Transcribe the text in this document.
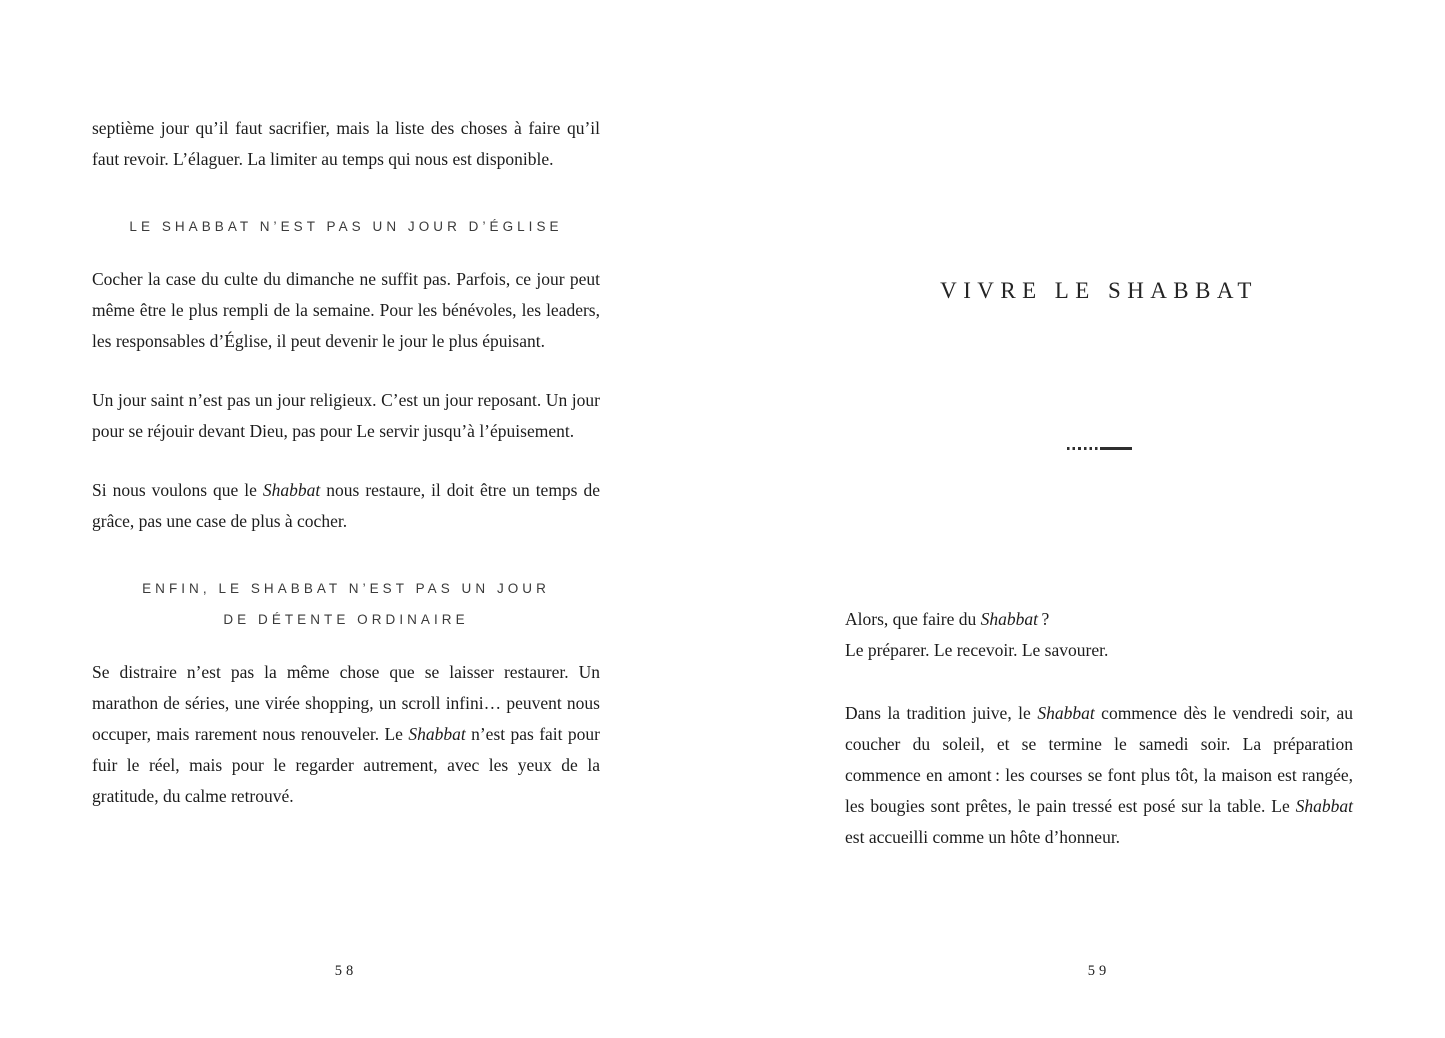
septième jour qu’il faut sacrifier, mais la liste des choses à faire qu’il faut revoir. L’élaguer. La limiter au temps qui nous est disponible.
LE SHABBAT N’EST PAS UN JOUR D’ÉGLISE
Cocher la case du culte du dimanche ne suffit pas. Parfois, ce jour peut même être le plus rempli de la semaine. Pour les bénévoles, les leaders, les responsables d’Église, il peut devenir le jour le plus épuisant.
Un jour saint n’est pas un jour religieux. C’est un jour reposant. Un jour pour se réjouir devant Dieu, pas pour Le servir jusqu’à l’épuisement.
Si nous voulons que le Shabbat nous restaure, il doit être un temps de grâce, pas une case de plus à cocher.
ENFIN, LE SHABBAT N’EST PAS UN JOUR
DE DÉTENTE ORDINAIRE
Se distraire n’est pas la même chose que se laisser restaurer. Un marathon de séries, une virée shopping, un scroll infini… peuvent nous occuper, mais rarement nous renouveler. Le Shabbat n’est pas fait pour fuir le réel, mais pour le regarder autrement, avec les yeux de la gratitude, du calme retrouvé.
58
VIVRE LE SHABBAT
Alors, que faire du Shabbat ?
Le préparer. Le recevoir. Le savourer.
Dans la tradition juive, le Shabbat commence dès le vendredi soir, au coucher du soleil, et se termine le samedi soir. La préparation commence en amont : les courses se font plus tôt, la maison est rangée, les bougies sont prêtes, le pain tressé est posé sur la table. Le Shabbat est accueilli comme un hôte d’honneur.
59
